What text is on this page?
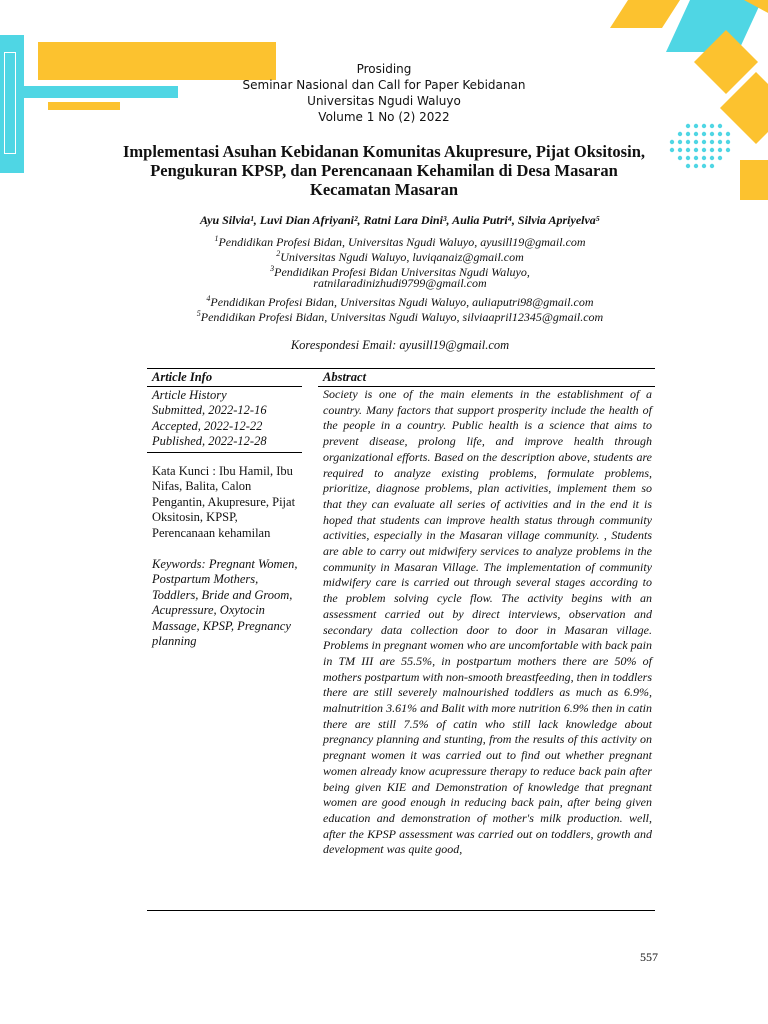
Prosiding
Seminar Nasional dan Call for Paper Kebidanan
Universitas Ngudi Waluyo
Volume 1 No (2) 2022
Implementasi Asuhan Kebidanan Komunitas Akupresure, Pijat Oksitosin, Pengukuran KPSP, dan Perencanaan Kehamilan di Desa Masaran Kecamatan Masaran
Ayu Silvia¹, Luvi Dian Afriyani², Ratni Lara Dini³, Aulia Putri⁴, Silvia Apriyelva⁵
$^1$Pendidikan Profesi Bidan, Universitas Ngudi Waluyo, ayusill19@gmail.com
$^2$Universitas Ngudi Waluyo, luviqanaiz@gmail.com
$^3$Pendidikan Profesi Bidan Universitas Ngudi Waluyo,
ratnilaradinizhudi9799@gmail.com
$^4$Pendidikan Profesi Bidan, Universitas Ngudi Waluyo, auliaputri98@gmail.com
$^5$Pendidikan Profesi Bidan, Universitas Ngudi Waluyo, silviaapril12345@gmail.com
Korespondesi Email: ayusill19@gmail.com
Article Info	Abstract
Article History
Submitted, 2022-12-16
Accepted, 2022-12-22
Published, 2022-12-28
Kata Kunci : Ibu Hamil, Ibu Nifas, Balita, Calon Pengantin, Akupresure, Pijat Oksitosin, KPSP, Perencanaan kehamilan
Keywords: Pregnant Women, Postpartum Mothers, Toddlers, Bride and Groom, Acupressure, Oxytocin Massage, KPSP, Pregnancy planning
Society is one of the main elements in the establishment of a country. Many factors that support prosperity include the health of the people in a country. Public health is a science that aims to prevent disease, prolong life, and improve health through organizational efforts. Based on the description above, students are required to analyze existing problems, formulate problems, prioritize, diagnose problems, plan activities, implement them so that they can evaluate all series of activities and in the end it is hoped that students can improve health status through community activities, especially in the Masaran village community. , Students are able to carry out midwifery services to analyze problems in the community in Masaran Village. The implementation of community midwifery care is carried out through several stages according to the problem solving cycle flow. The activity begins with an assessment carried out by direct interviews, observation and secondary data collection door to door in Masaran village. Problems in pregnant women who are uncomfortable with back pain in TM III are 55.5%, in postpartum mothers there are 50% of mothers postpartum with non-smooth breastfeeding, then in toddlers there are still severely malnourished toddlers as much as 6.9%, malnutrition 3.61% and Balit with more nutrition 6.9% then in catin there are still 7.5% of catin who still lack knowledge about pregnancy planning and stunting, from the results of this activity on pregnant women it was carried out to find out whether pregnant women already know acupressure therapy to reduce back pain after being given KIE and Demonstration of knowledge that pregnant women are good enough in reducing back pain, after being given education and demonstration of mother's milk production. well, after the KPSP assessment was carried out on toddlers, growth and development was quite good,
557
